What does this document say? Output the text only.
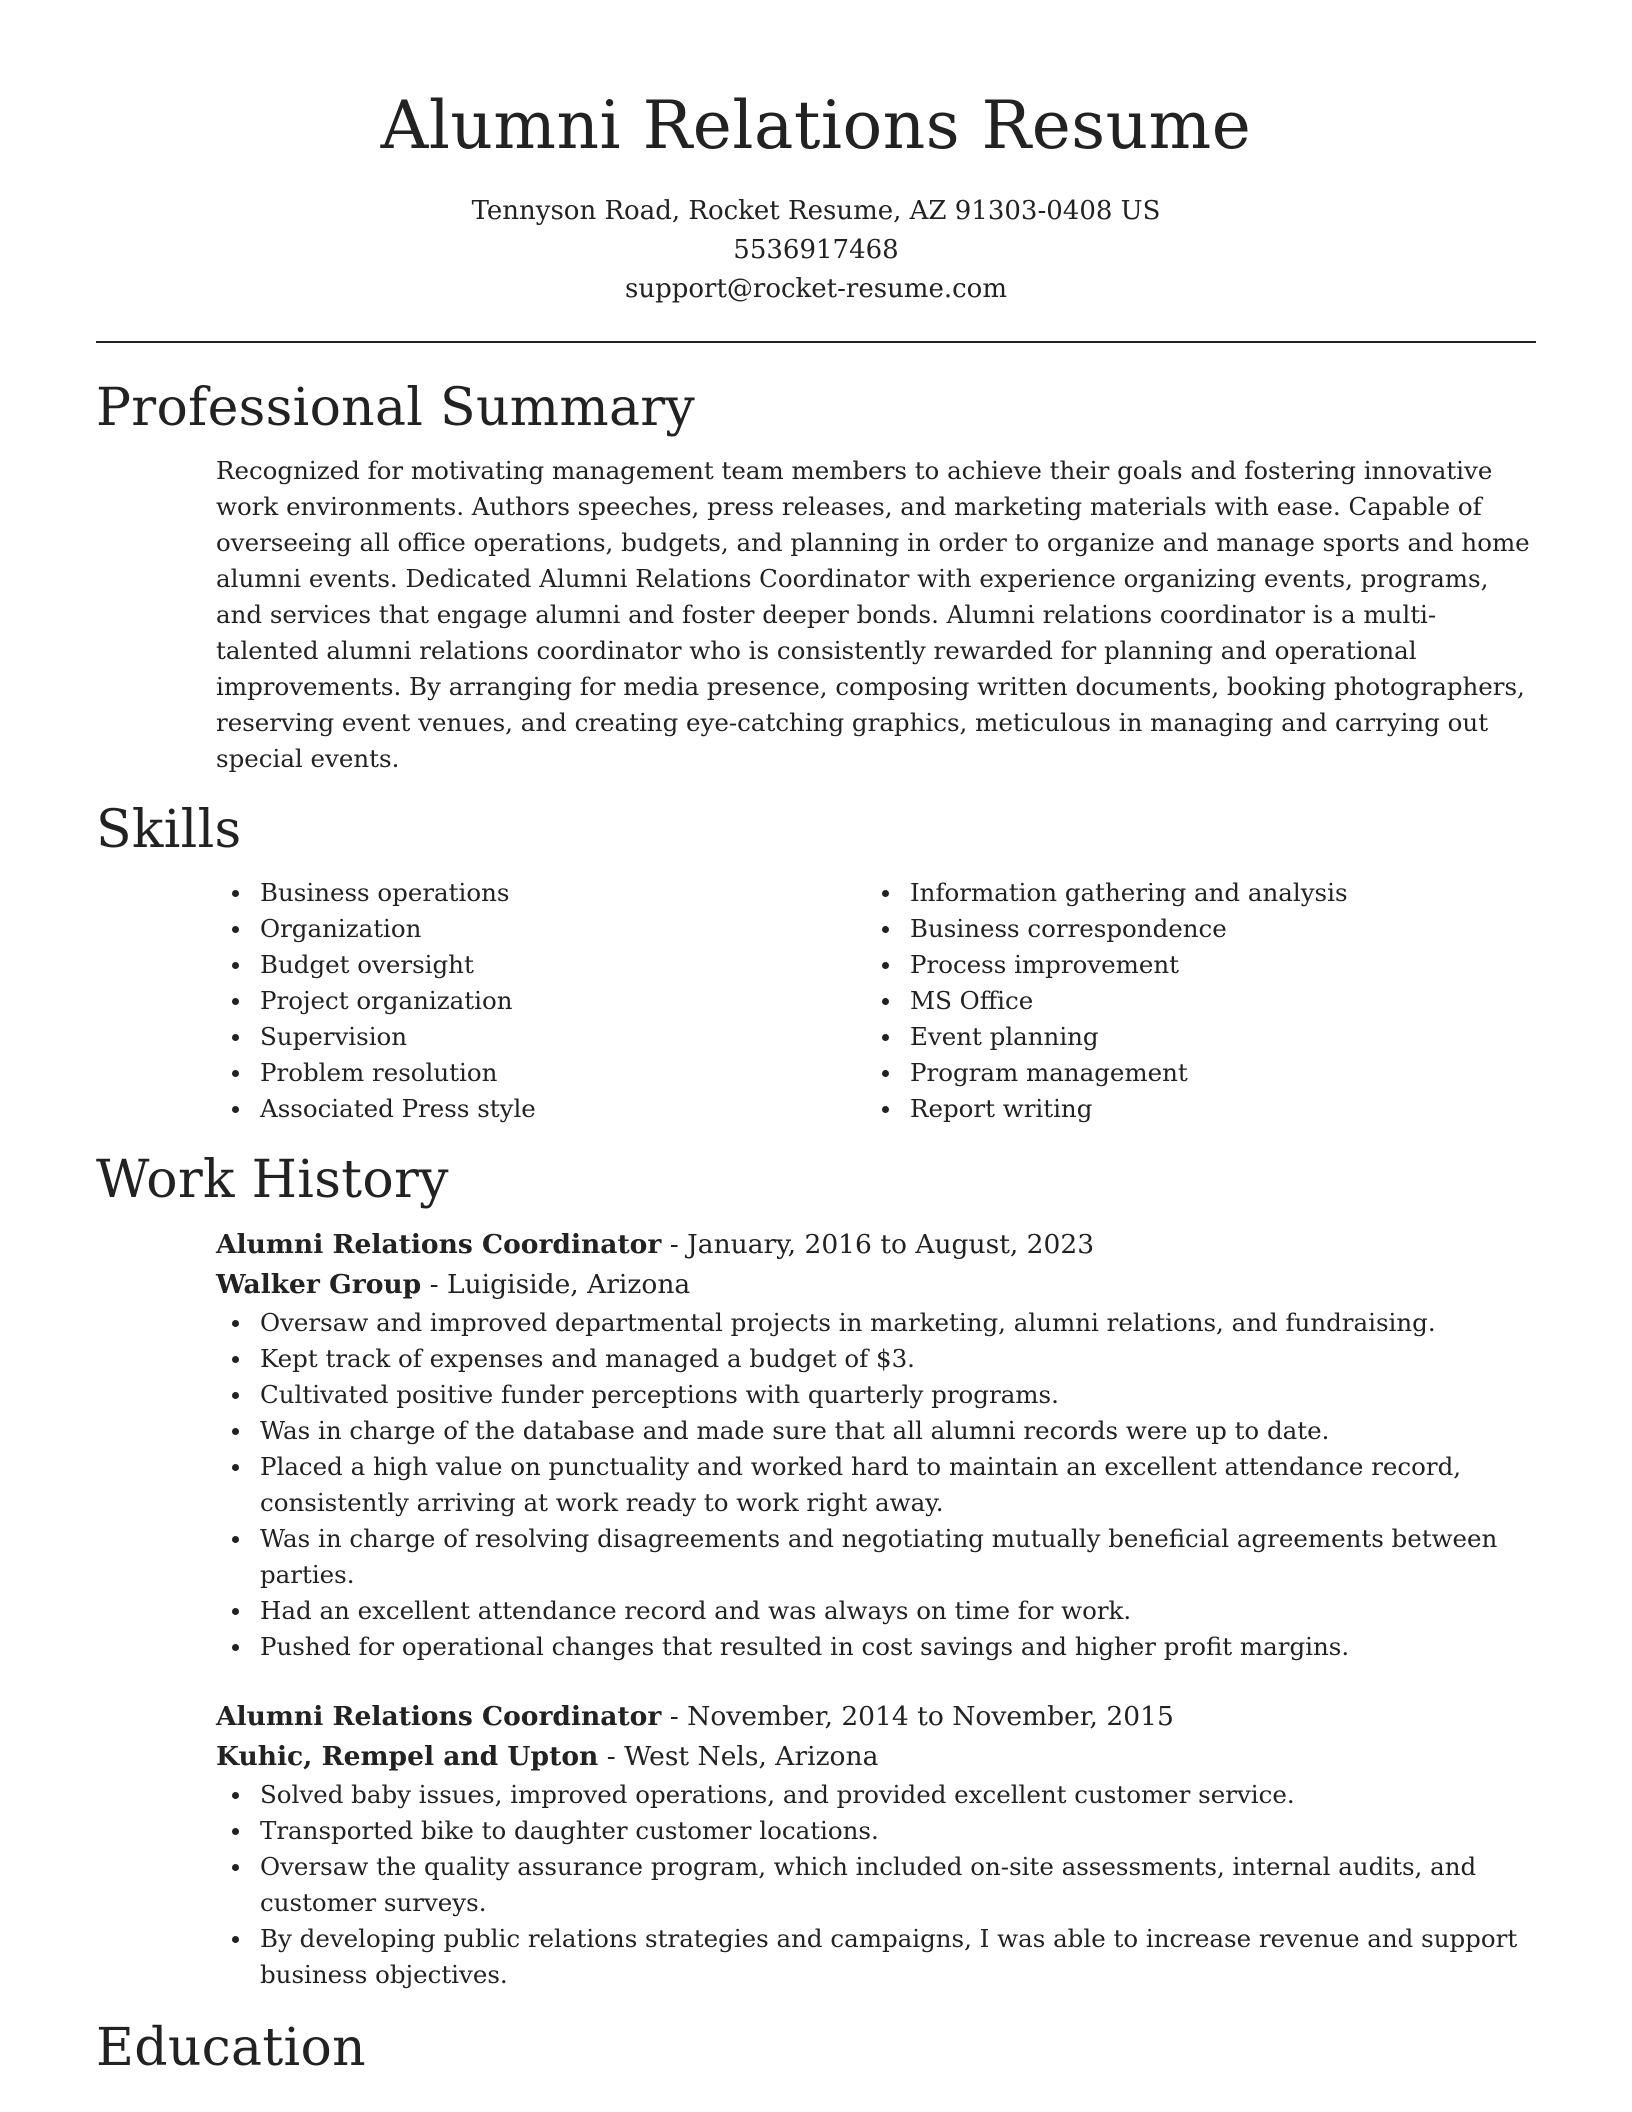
Alumni Relations Resume
Tennyson Road, Rocket Resume, AZ 91303-0408 US
5536917468
support@rocket-resume.com
Professional Summary
Recognized for motivating management team members to achieve their goals and fostering innovative work environments. Authors speeches, press releases, and marketing materials with ease. Capable of overseeing all office operations, budgets, and planning in order to organize and manage sports and home alumni events. Dedicated Alumni Relations Coordinator with experience organizing events, programs, and services that engage alumni and foster deeper bonds. Alumni relations coordinator is a multi-talented alumni relations coordinator who is consistently rewarded for planning and operational improvements. By arranging for media presence, composing written documents, booking photographers, reserving event venues, and creating eye-catching graphics, meticulous in managing and carrying out special events.
Skills
Business operations
Organization
Budget oversight
Project organization
Supervision
Problem resolution
Associated Press style
Information gathering and analysis
Business correspondence
Process improvement
MS Office
Event planning
Program management
Report writing
Work History
Alumni Relations Coordinator - January, 2016 to August, 2023
Walker Group - Luigiside, Arizona
Oversaw and improved departmental projects in marketing, alumni relations, and fundraising.
Kept track of expenses and managed a budget of $3.
Cultivated positive funder perceptions with quarterly programs.
Was in charge of the database and made sure that all alumni records were up to date.
Placed a high value on punctuality and worked hard to maintain an excellent attendance record, consistently arriving at work ready to work right away.
Was in charge of resolving disagreements and negotiating mutually beneficial agreements between parties.
Had an excellent attendance record and was always on time for work.
Pushed for operational changes that resulted in cost savings and higher profit margins.
Alumni Relations Coordinator - November, 2014 to November, 2015
Kuhic, Rempel and Upton - West Nels, Arizona
Solved baby issues, improved operations, and provided excellent customer service.
Transported bike to daughter customer locations.
Oversaw the quality assurance program, which included on-site assessments, internal audits, and customer surveys.
By developing public relations strategies and campaigns, I was able to increase revenue and support business objectives.
Education
